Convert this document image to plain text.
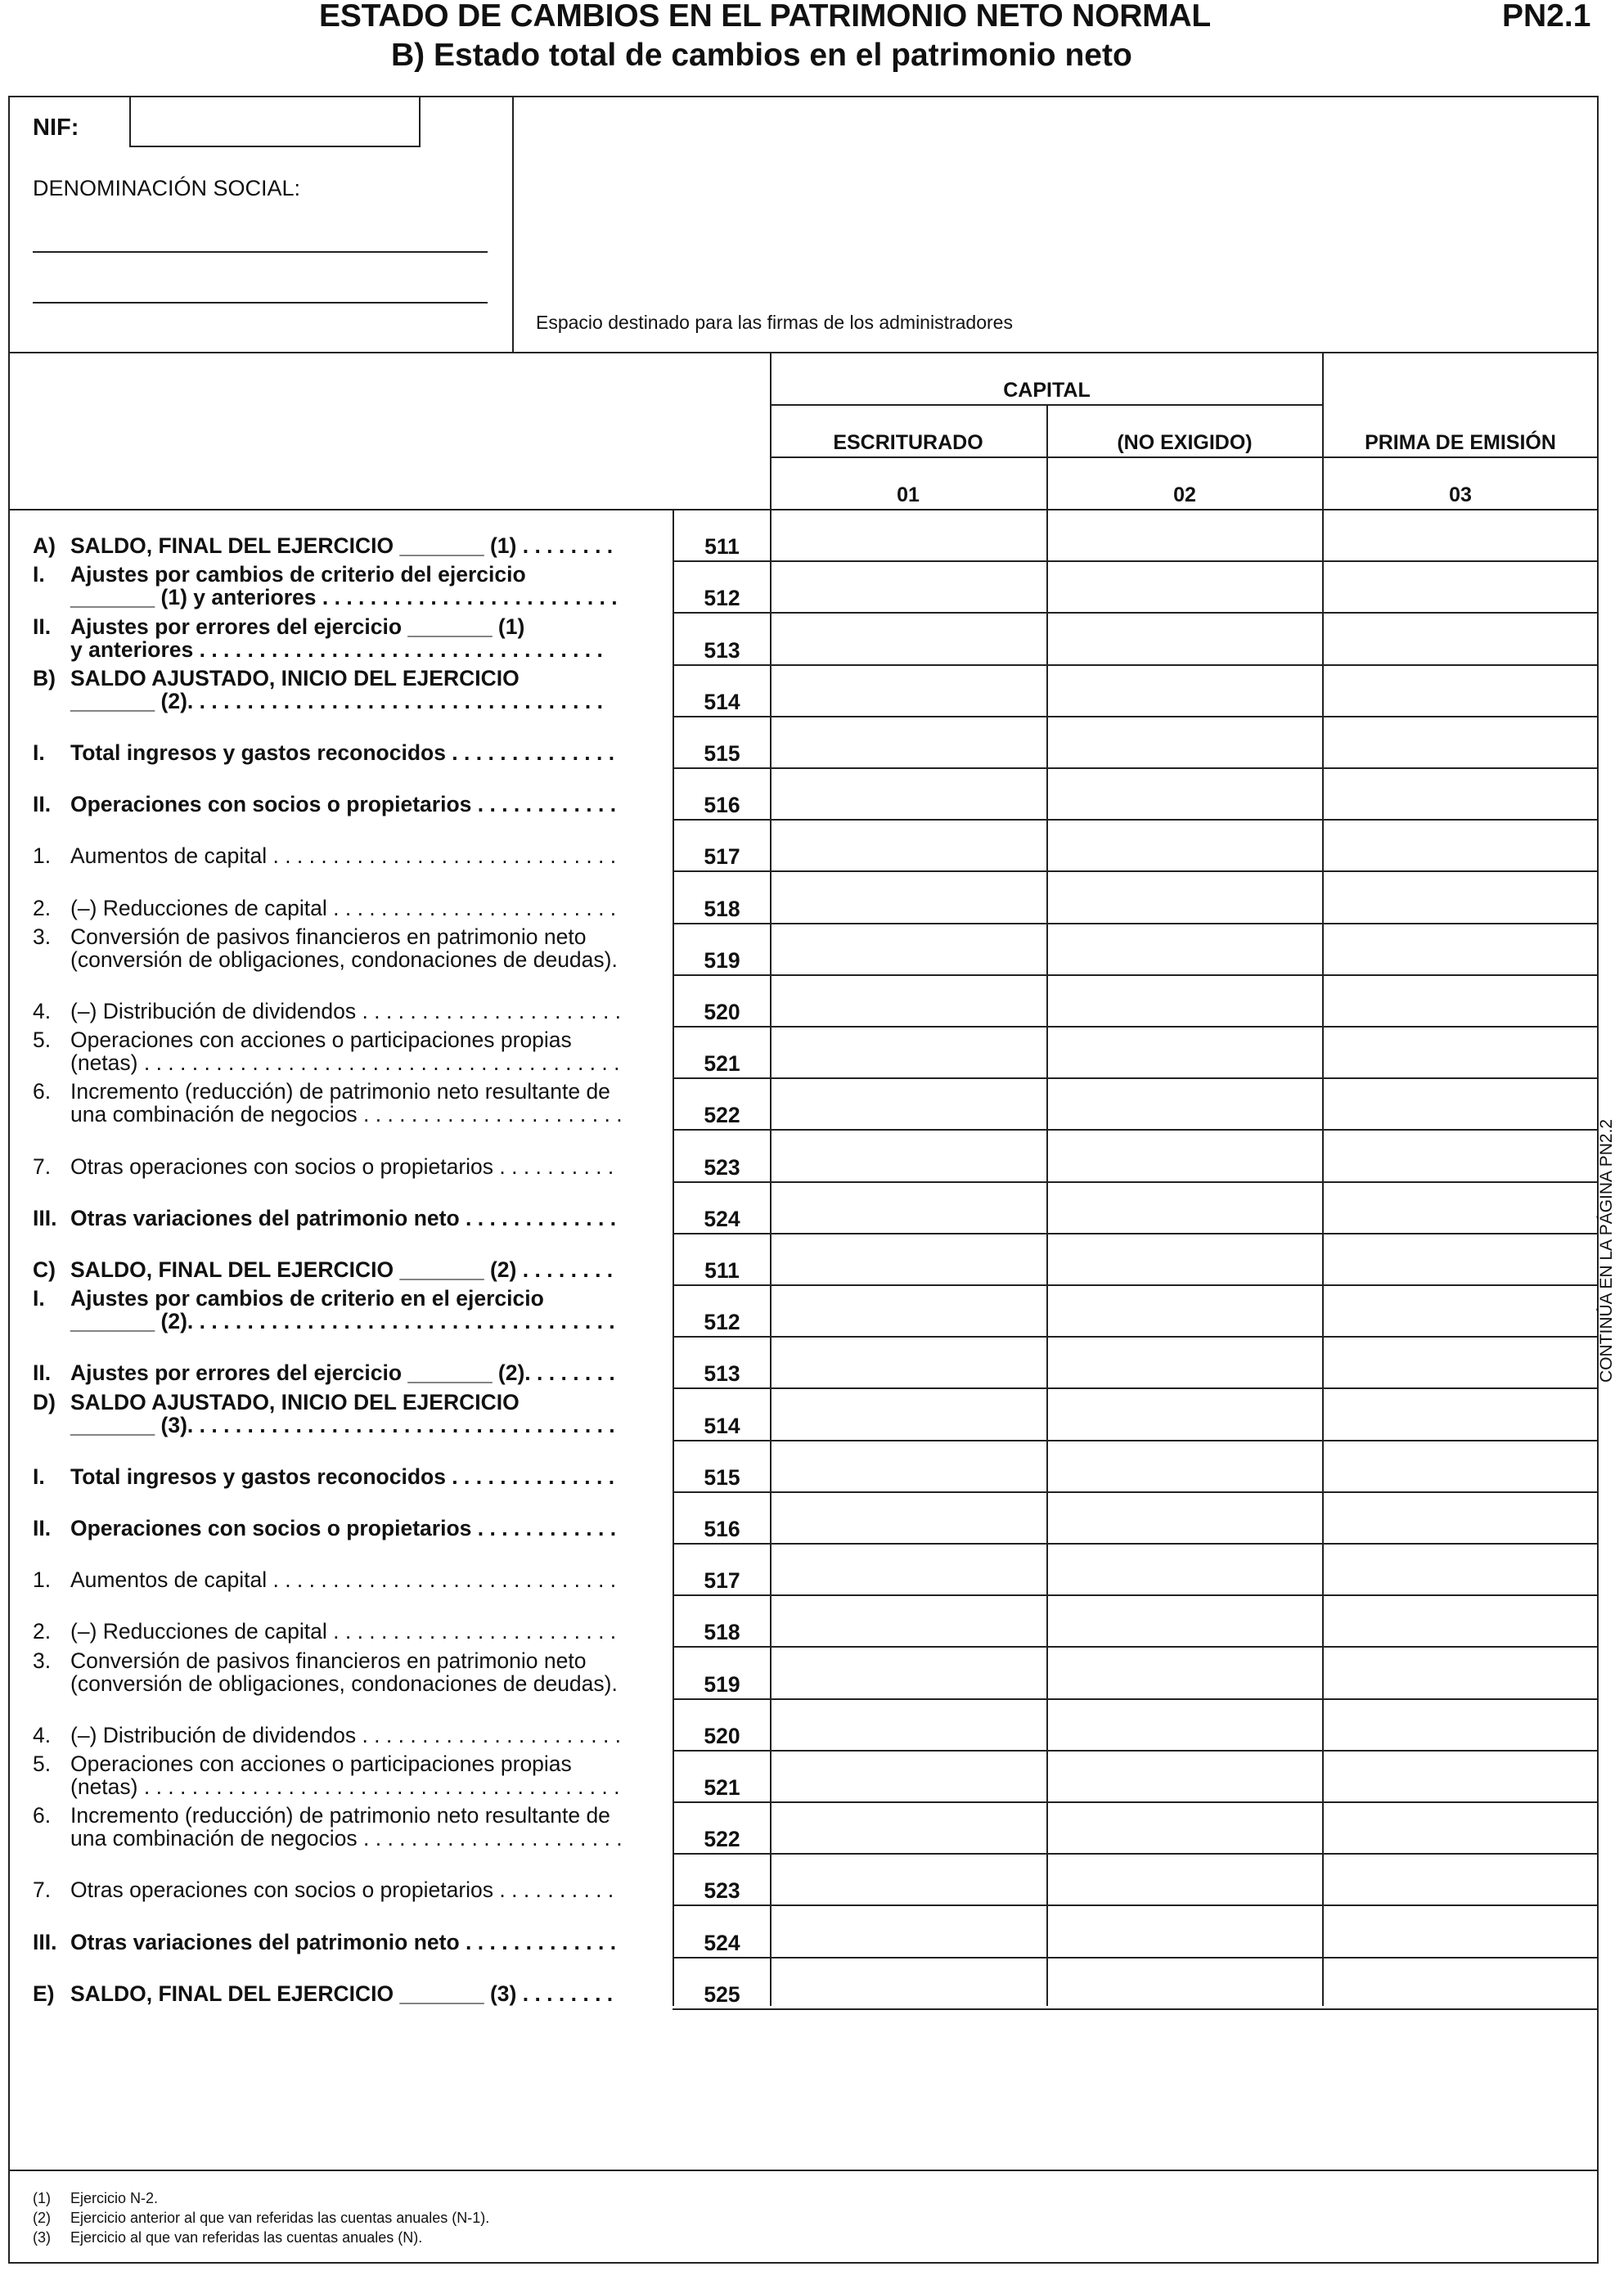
ESTADO DE CAMBIOS EN EL PATRIMONIO NETO NORMAL	PN2.1
B) Estado total de cambios en el patrimonio neto
NIF:
DENOMINACIÓN SOCIAL:
Espacio destinado para las firmas de los administradores
CAPITAL
ESCRITURADO	(NO EXIGIDO)	PRIMA DE EMISIÓN
01	02	03
A) SALDO, FINAL DEL EJERCICIO _______ (1) . . . . . . . .	511
I. Ajustes por cambios de criterio del ejercicio
_______ (1) y anteriores . . . . . . . . . . . . . . . . . . . . . . . . .	512
II. Ajustes por errores del ejercicio _______ (1)
y anteriores . . . . . . . . . . . . . . . . . . . . . . . . . . . . . . . . . .	513
B) SALDO AJUSTADO, INICIO DEL EJERCICIO
_______ (2). . . . . . . . . . . . . . . . . . . . . . . . . . . . . . . . . . .	514
I. Total ingresos y gastos reconocidos . . . . . . . . . . . . . .	515
II. Operaciones con socios o propietarios . . . . . . . . . . . .	516
1. Aumentos de capital . . . . . . . . . . . . . . . . . . . . . . . . . . . . .	517
2. (–) Reducciones de capital . . . . . . . . . . . . . . . . . . . . . . . .	518
3. Conversión de pasivos financieros en patrimonio neto
(conversión de obligaciones, condonaciones de deudas).	519
4. (–) Distribución de dividendos . . . . . . . . . . . . . . . . . . . . . .	520
5. Operaciones con acciones o participaciones propias
(netas) . . . . . . . . . . . . . . . . . . . . . . . . . . . . . . . . . . . . . . . .	521
6. Incremento (reducción) de patrimonio neto resultante de
una combinación de negocios . . . . . . . . . . . . . . . . . . . . . .	522
7. Otras operaciones con socios o propietarios . . . . . . . . . .	523
III. Otras variaciones del patrimonio neto . . . . . . . . . . . . .	524
C) SALDO, FINAL DEL EJERCICIO _______ (2) . . . . . . . .	511
I. Ajustes por cambios de criterio en el ejercicio
_______ (2). . . . . . . . . . . . . . . . . . . . . . . . . . . . . . . . . . . .	512
II. Ajustes por errores del ejercicio _______ (2). . . . . . . .	513
D) SALDO AJUSTADO, INICIO DEL EJERCICIO
_______ (3). . . . . . . . . . . . . . . . . . . . . . . . . . . . . . . . . . . .	514
I. Total ingresos y gastos reconocidos . . . . . . . . . . . . . .	515
II. Operaciones con socios o propietarios . . . . . . . . . . . .	516
1. Aumentos de capital . . . . . . . . . . . . . . . . . . . . . . . . . . . . .	517
2. (–) Reducciones de capital . . . . . . . . . . . . . . . . . . . . . . . .	518
3. Conversión de pasivos financieros en patrimonio neto
(conversión de obligaciones, condonaciones de deudas).	519
4. (–) Distribución de dividendos . . . . . . . . . . . . . . . . . . . . . .	520
5. Operaciones con acciones o participaciones propias
(netas) . . . . . . . . . . . . . . . . . . . . . . . . . . . . . . . . . . . . . . . .	521
6. Incremento (reducción) de patrimonio neto resultante de
una combinación de negocios . . . . . . . . . . . . . . . . . . . . . .	522
7. Otras operaciones con socios o propietarios . . . . . . . . . .	523
III. Otras variaciones del patrimonio neto . . . . . . . . . . . . .	524
E) SALDO, FINAL DEL EJERCICIO _______ (3) . . . . . . . .	525
CONTINÚA EN LA PÁGINA PN2.2
(1) Ejercicio N-2.
(2) Ejercicio anterior al que van referidas las cuentas anuales (N-1).
(3) Ejercicio al que van referidas las cuentas anuales (N).
